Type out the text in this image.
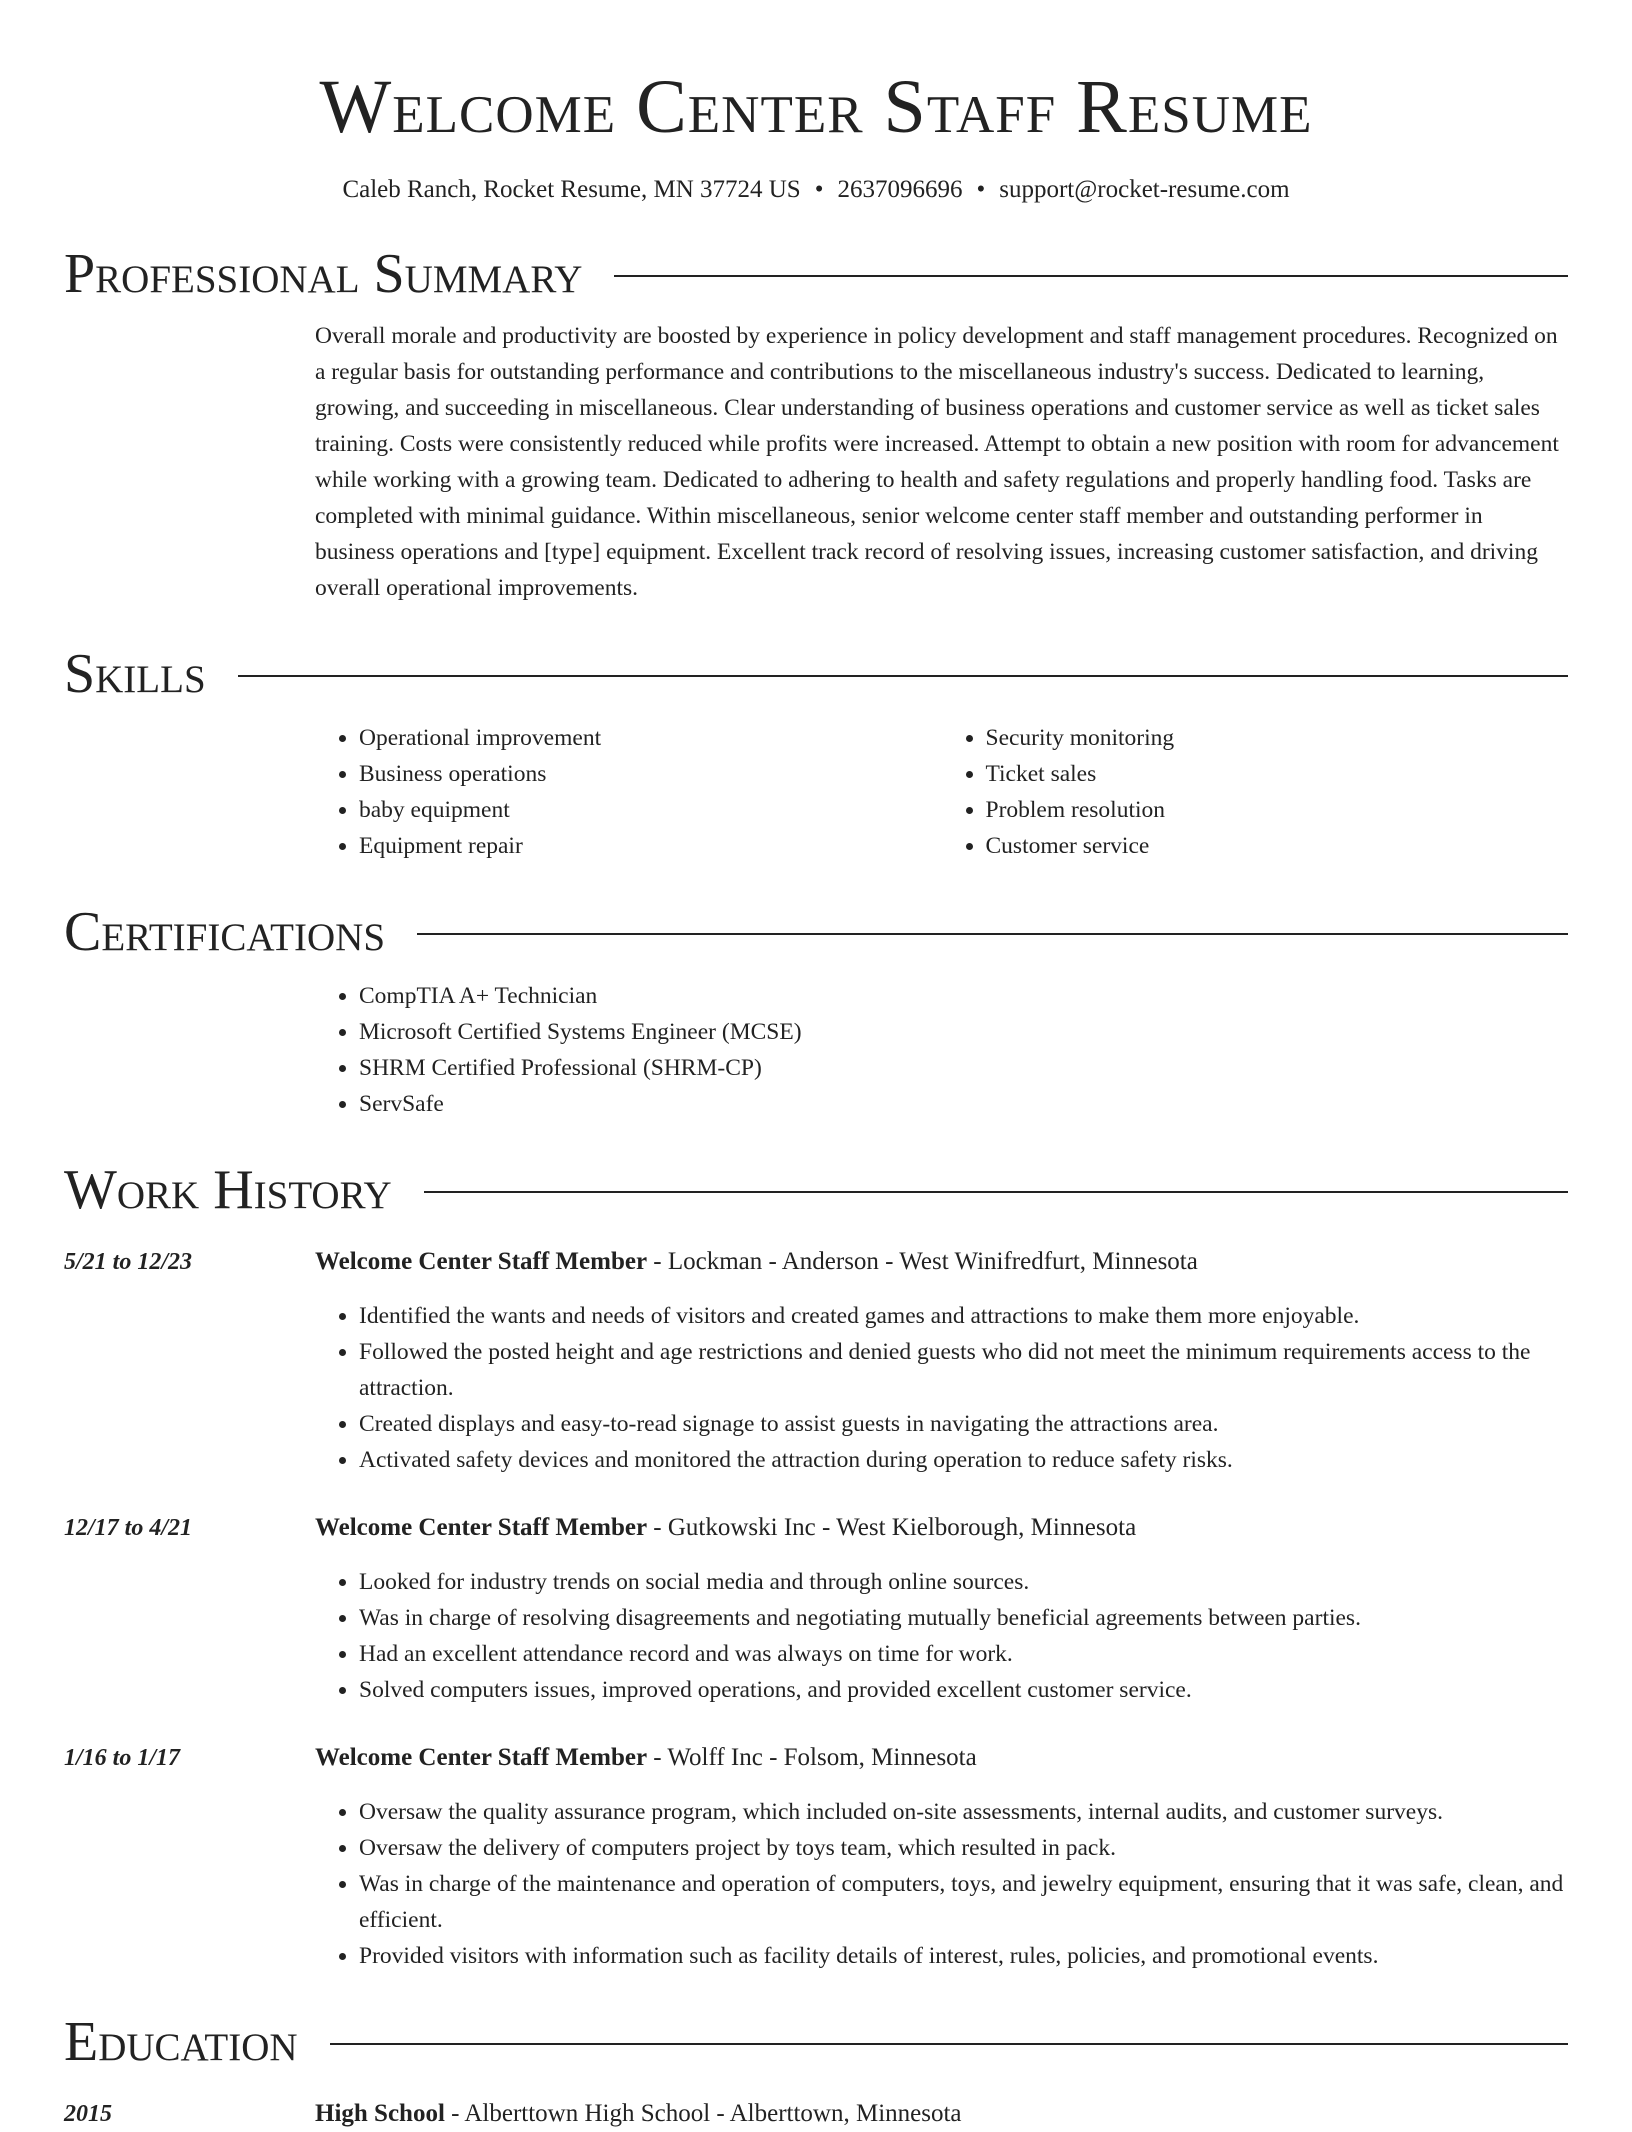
Welcome Center Staff Resume
Caleb Ranch, Rocket Resume, MN 37724 US • 2637096696 • support@rocket-resume.com
Professional Summary
Overall morale and productivity are boosted by experience in policy development and staff management procedures. Recognized on a regular basis for outstanding performance and contributions to the miscellaneous industry's success. Dedicated to learning, growing, and succeeding in miscellaneous. Clear understanding of business operations and customer service as well as ticket sales training. Costs were consistently reduced while profits were increased. Attempt to obtain a new position with room for advancement while working with a growing team. Dedicated to adhering to health and safety regulations and properly handling food. Tasks are completed with minimal guidance. Within miscellaneous, senior welcome center staff member and outstanding performer in business operations and [type] equipment. Excellent track record of resolving issues, increasing customer satisfaction, and driving overall operational improvements.
Skills
• Operational improvement
• Business operations
• baby equipment
• Equipment repair
• Security monitoring
• Ticket sales
• Problem resolution
• Customer service
Certifications
• CompTIA A+ Technician
• Microsoft Certified Systems Engineer (MCSE)
• SHRM Certified Professional (SHRM-CP)
• ServSafe
Work History
5/21 to 12/23	Welcome Center Staff Member - Lockman - Anderson - West Winifredfurt, Minnesota
• Identified the wants and needs of visitors and created games and attractions to make them more enjoyable.
• Followed the posted height and age restrictions and denied guests who did not meet the minimum requirements access to the attraction.
• Created displays and easy-to-read signage to assist guests in navigating the attractions area.
• Activated safety devices and monitored the attraction during operation to reduce safety risks.
12/17 to 4/21	Welcome Center Staff Member - Gutkowski Inc - West Kielborough, Minnesota
• Looked for industry trends on social media and through online sources.
• Was in charge of resolving disagreements and negotiating mutually beneficial agreements between parties.
• Had an excellent attendance record and was always on time for work.
• Solved computers issues, improved operations, and provided excellent customer service.
1/16 to 1/17	Welcome Center Staff Member - Wolff Inc - Folsom, Minnesota
• Oversaw the quality assurance program, which included on-site assessments, internal audits, and customer surveys.
• Oversaw the delivery of computers project by toys team, which resulted in pack.
• Was in charge of the maintenance and operation of computers, toys, and jewelry equipment, ensuring that it was safe, clean, and efficient.
• Provided visitors with information such as facility details of interest, rules, policies, and promotional events.
Education
2015	High School - Alberttown High School - Alberttown, Minnesota
